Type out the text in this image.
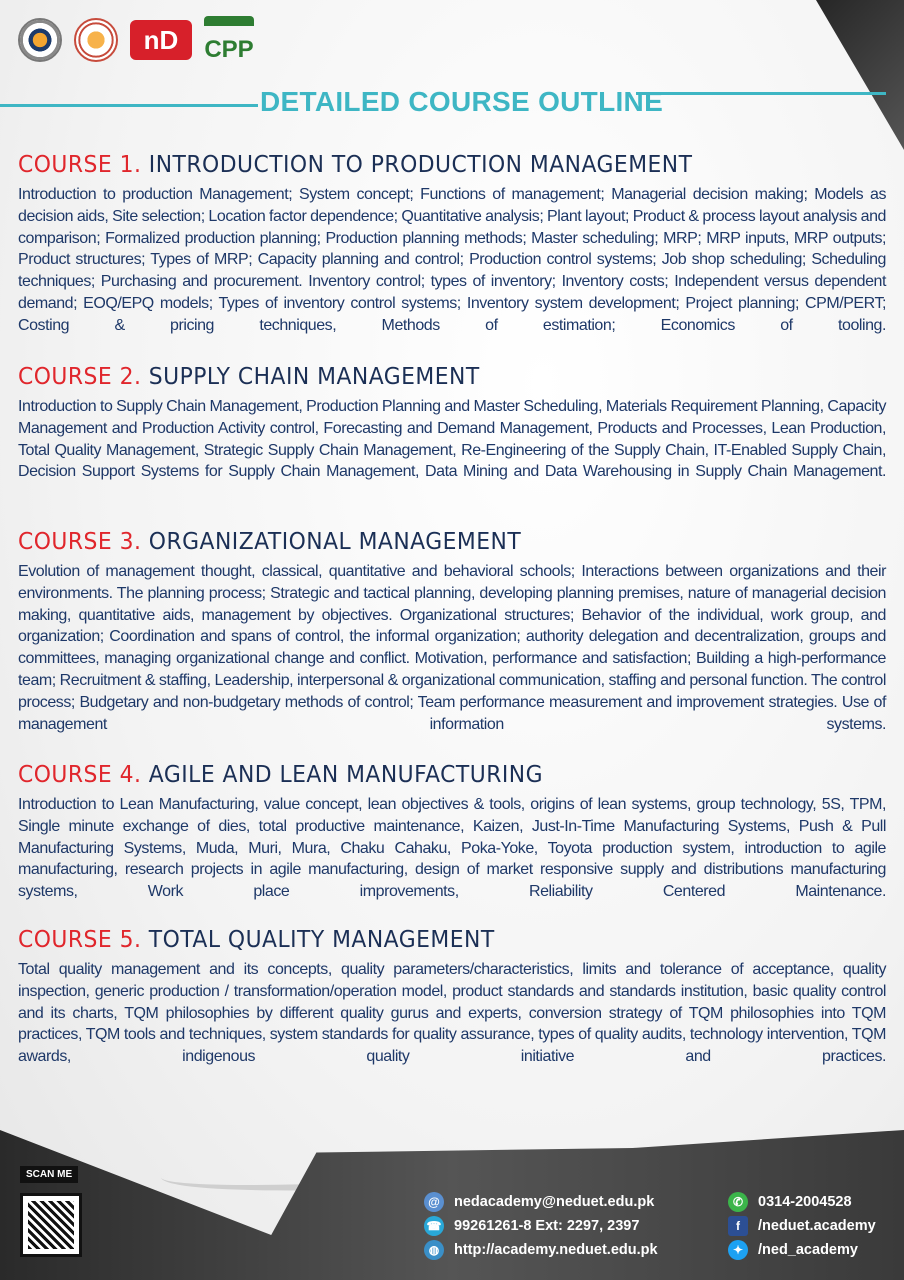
nD	CPP
DETAILED COURSE OUTLINE
COURSE 1. INTRODUCTION TO PRODUCTION MANAGEMENT

Introduction to production Management; System concept; Functions of management; Managerial decision making; Models as decision aids, Site selection; Location factor dependence; Quantitative analysis; Plant layout; Product & process layout analysis and comparison; Formalized production planning; Production planning methods; Master scheduling; MRP; MRP inputs, MRP outputs; Product structures; Types of MRP; Capacity planning and control; Production control systems; Job shop scheduling; Scheduling techniques; Purchasing and procurement. Inventory control; types of inventory; Inventory costs; Independent versus dependent demand; EOQ/EPQ models; Types of inventory control systems; Inventory system development; Project planning; CPM/PERT; Costing & pricing techniques, Methods of estimation; Economics of tooling.

COURSE 2. SUPPLY CHAIN MANAGEMENT

Introduction to Supply Chain Management, Production Planning and Master Scheduling, Materials Requirement Planning, Capacity Management and Production Activity control, Forecasting and Demand Management, Products and Processes, Lean Production, Total Quality Management, Strategic Supply Chain Management, Re-Engineering of the Supply Chain, IT-Enabled Supply Chain, Decision Support Systems for Supply Chain Management, Data Mining and Data Warehousing in Supply Chain Management.

COURSE 3. ORGANIZATIONAL MANAGEMENT

Evolution of management thought, classical, quantitative and behavioral schools; Interactions between organizations and their environments. The planning process; Strategic and tactical planning, developing planning premises, nature of managerial decision making, quantitative aids, management by objectives. Organizational structures; Behavior of the individual, work group, and organization; Coordination and spans of control, the informal organization; authority delegation and decentralization, groups and committees, managing organizational change and conflict. Motivation, performance and satisfaction; Building a high-performance team; Recruitment & staffing, Leadership, interpersonal & organizational communication, staffing and personal function. The control process; Budgetary and non-budgetary methods of control; Team performance measurement and improvement strategies. Use of management information systems.

COURSE 4. AGILE AND LEAN MANUFACTURING

Introduction to Lean Manufacturing, value concept, lean objectives & tools, origins of lean systems, group technology, 5S, TPM, Single minute exchange of dies, total productive maintenance, Kaizen, Just-In-Time Manufacturing Systems, Push & Pull Manufacturing Systems, Muda, Muri, Mura, Chaku Cahaku, Poka-Yoke, Toyota production system, introduction to agile manufacturing, research projects in agile manufacturing, design of market responsive supply and distributions manufacturing systems, Work place improvements, Reliability Centered Maintenance.

COURSE 5. TOTAL QUALITY MANAGEMENT

Total quality management and its concepts, quality parameters/characteristics, limits and tolerance of acceptance, quality inspection, generic production / transformation/operation model, product standards and standards institution, basic quality control and its charts, TQM philosophies by different quality gurus and experts, conversion strategy of TQM philosophies into TQM practices, TQM tools and techniques, system standards for quality assurance, types of quality audits, technology intervention, TQM awards, indigenous quality initiative and practices.

SCAN ME
@ nedacademy@neduet.edu.pk
☎ 99261261-8 Ext: 2297, 2397
◍	http://academy.neduet.edu.pk
✆	0314-2004528
f	/neduet.academy
✦	/ned_academy
